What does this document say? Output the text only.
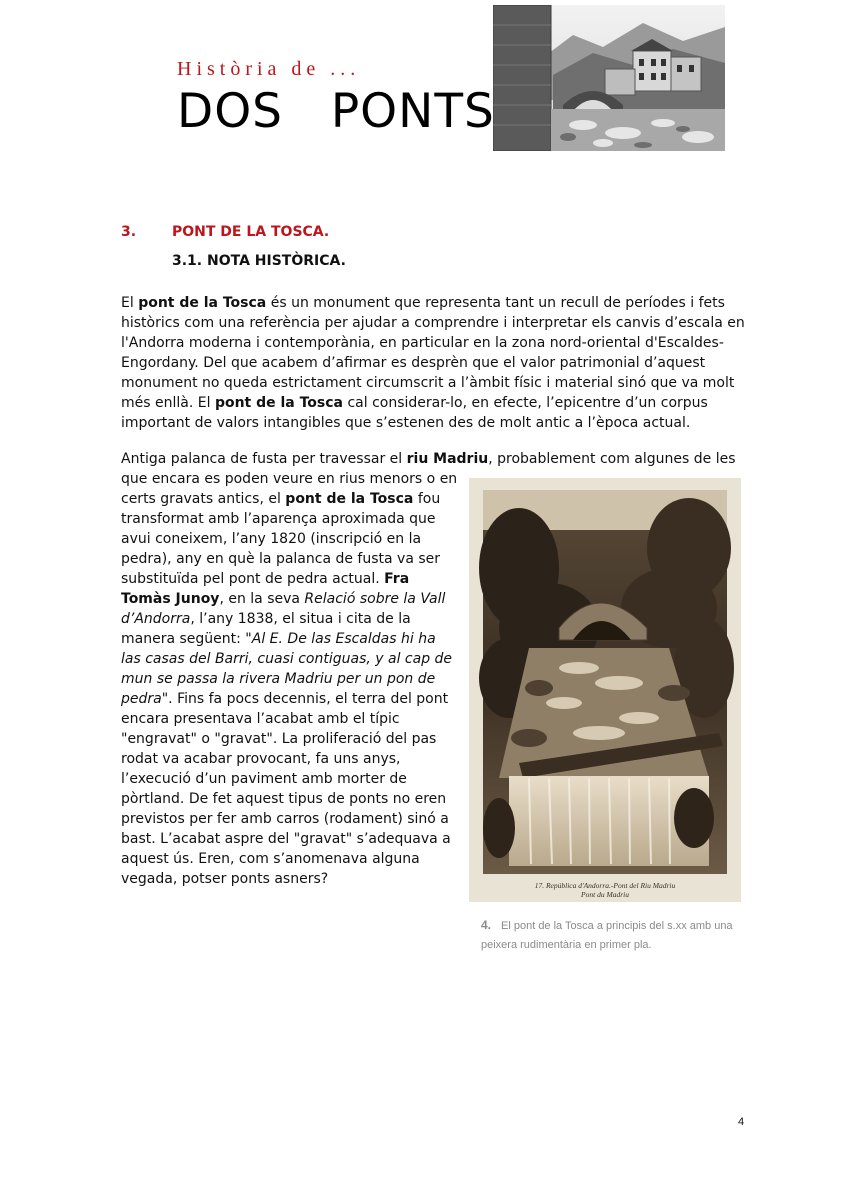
Història de ...
DOS   PONTS
3.	PONT DE LA TOSCA.
3.1. NOTA HISTÒRICA.
El pont de la Tosca és un monument que representa tant un recull de períodes i fets històrics com una referència per ajudar a comprendre i interpretar els canvis d’escala en l'Andorra moderna i contemporània, en particular en la zona nord-oriental d'Escaldes-Engordany. Del que acabem d’afirmar es desprèn que el valor patrimonial d’aquest monument no queda estrictament circumscrit a l’àmbit físic i material sinó que va molt més enllà. El pont de la Tosca cal considerar-lo, en efecte, l’epicentre d’un corpus important de valors intangibles que s’estenen des de molt antic a l’època actual.
Antiga palanca de fusta per travessar el riu Madriu, probablement com algunes de les
que encara es poden veure en rius menors o en certs gravats antics, el pont de la Tosca fou transformat amb l’aparença aproximada que avui coneixem, l’any 1820 (inscripció en la pedra), any en què la palanca de fusta va ser substituïda pel pont de pedra actual. Fra Tomàs Junoy, en la seva Relació sobre la Vall d’Andorra, l’any 1838, el situa i cita de la manera següent: "Al E. De las Escaldas hi ha las casas del Barri, cuasi contiguas, y al cap de mun se passa la rivera Madriu per un pon de pedra". Fins fa pocs decennis, el terra del pont encara presentava l’acabat amb el típic "engravat" o "gravat". La proliferació del pas rodat va acabar provocant, fa uns anys, l’execució d’un paviment amb morter de pòrtland. De fet aquest tipus de ponts no eren previstos per fer amb carros (rodament) sinó a bast. L’acabat aspre del "gravat" s’adequava a aquest ús. Eren, com s’anomenava alguna vegada, potser ponts asners?	17. República d'Andorra.-Pont del Riu Madriu
Pont du Madriu
4. El pont de la Tosca a principis del s.xx amb una peixera rudimentària en primer pla.
4
